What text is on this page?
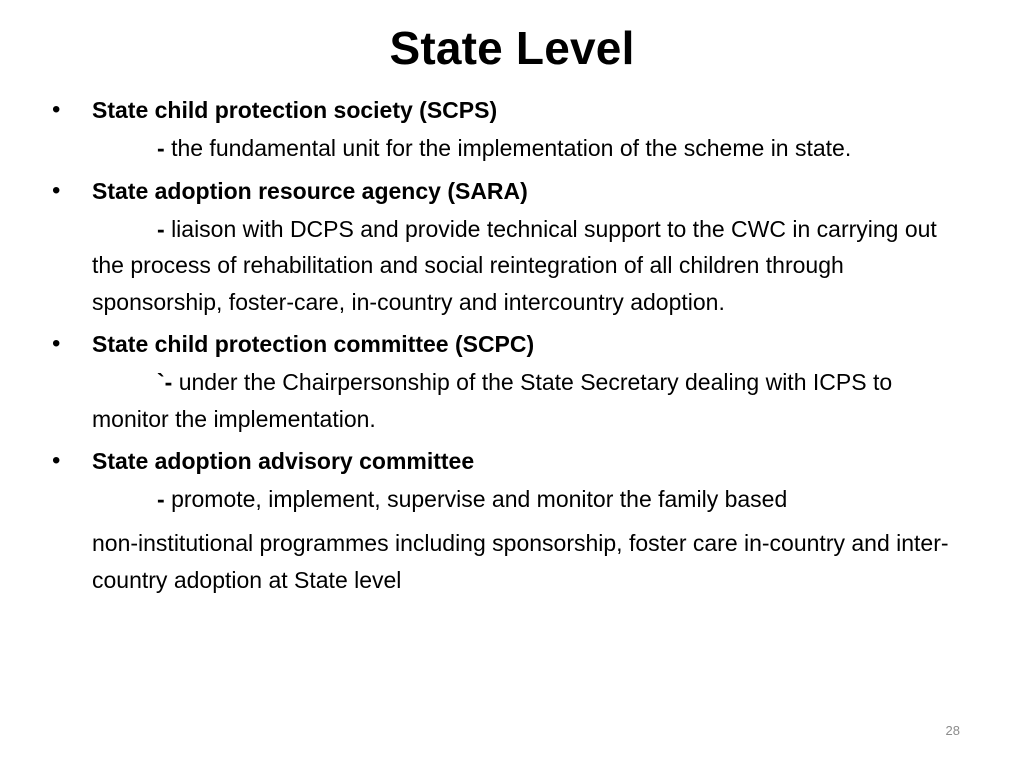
State Level
•	State child protection society (SCPS)
- the fundamental unit for the implementation of the scheme in state.
•	State adoption resource agency (SARA)
- liaison with DCPS and provide technical support to the CWC in carrying out the process of rehabilitation and social reintegration of all children through sponsorship, foster-care, in-country and intercountry adoption.
•	State child protection committee (SCPC)
`- under the Chairpersonship of the State Secretary dealing with ICPS to monitor the implementation.
•	State adoption advisory committee
- promote, implement, supervise and monitor the family based
non-institutional programmes including sponsorship, foster care in-country and inter-country adoption at State level
28
